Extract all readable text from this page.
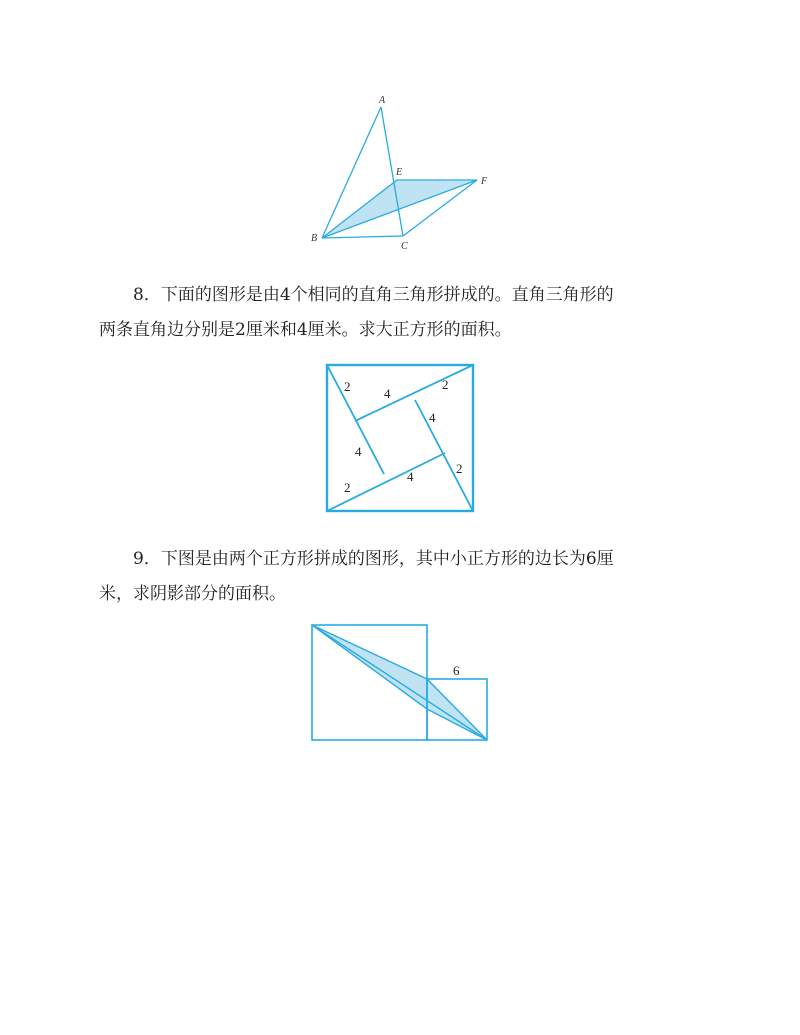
A
B
C
E
F
8．下面的图形是由4个相同的直角三角形拼成的。直角三角形的
两条直角边分别是2厘米和4厘米。求大正方形的面积。
2	4
2
4
4
2
4
2
9．下图是由两个正方形拼成的图形，其中小正方形的边长为6厘
米，求阴影部分的面积。
6
